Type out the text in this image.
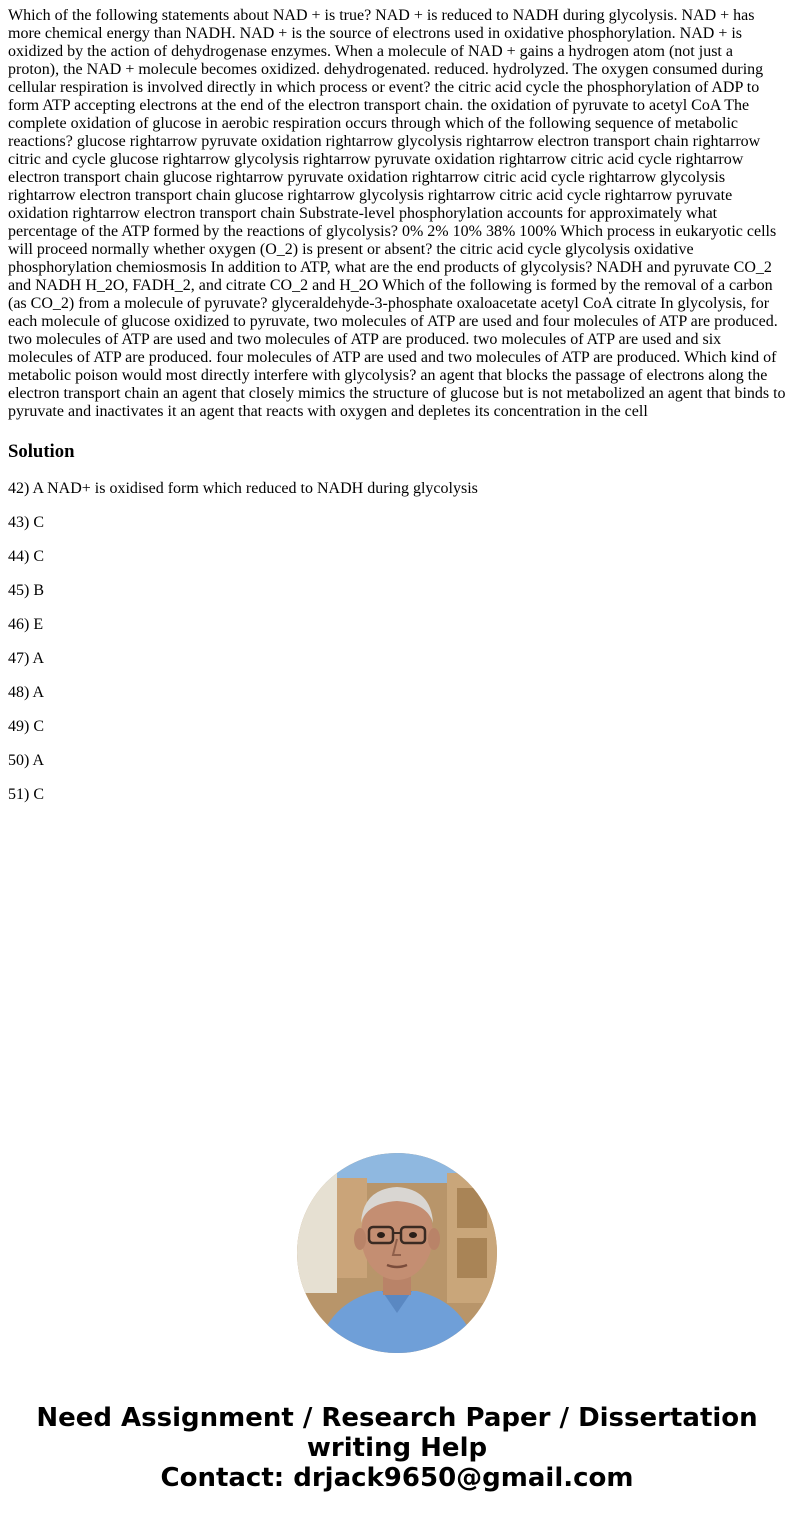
Which of the following statements about NAD + is true? NAD + is reduced to NADH during glycolysis. NAD + has more chemical energy than NADH. NAD + is the source of electrons used in oxidative phosphorylation. NAD + is oxidized by the action of dehydrogenase enzymes. When a molecule of NAD + gains a hydrogen atom (not just a proton), the NAD + molecule becomes oxidized. dehydrogenated. reduced. hydrolyzed. The oxygen consumed during cellular respiration is involved directly in which process or event? the citric acid cycle the phosphorylation of ADP to form ATP accepting electrons at the end of the electron transport chain. the oxidation of pyruvate to acetyl CoA The complete oxidation of glucose in aerobic respiration occurs through which of the following sequence of metabolic reactions? glucose rightarrow pyruvate oxidation rightarrow glycolysis rightarrow electron transport chain rightarrow citric and cycle glucose rightarrow glycolysis rightarrow pyruvate oxidation rightarrow citric acid cycle rightarrow electron transport chain glucose rightarrow pyruvate oxidation rightarrow citric acid cycle rightarrow glycolysis rightarrow electron transport chain glucose rightarrow glycolysis rightarrow citric acid cycle rightarrow pyruvate oxidation rightarrow electron transport chain Substrate-level phosphorylation accounts for approximately what percentage of the ATP formed by the reactions of glycolysis? 0% 2% 10% 38% 100% Which process in eukaryotic cells will proceed normally whether oxygen (O_2) is present or absent? the citric acid cycle glycolysis oxidative phosphorylation chemiosmosis In addition to ATP, what are the end products of glycolysis? NADH and pyruvate CO_2 and NADH H_2O, FADH_2, and citrate CO_2 and H_2O Which of the following is formed by the removal of a carbon (as CO_2) from a molecule of pyruvate? glyceraldehyde-3-phosphate oxaloacetate acetyl CoA citrate In glycolysis, for each molecule of glucose oxidized to pyruvate, two molecules of ATP are used and four molecules of ATP are produced. two molecules of ATP are used and two molecules of ATP are produced. two molecules of ATP are used and six molecules of ATP are produced. four molecules of ATP are used and two molecules of ATP are produced. Which kind of metabolic poison would most directly interfere with glycolysis? an agent that blocks the passage of electrons along the electron transport chain an agent that closely mimics the structure of glucose but is not metabolized an agent that binds to pyruvate and inactivates it an agent that reacts with oxygen and depletes its concentration in the cell

Solution
42) A NAD+ is oxidised form which reduced to NADH during glycolysis
43) C
44) C
45) B
46) E
47) A
48) A
49) C
50) A
51) C
Need Assignment / Research Paper / Dissertation
writing Help
Contact: drjack9650@gmail.com
